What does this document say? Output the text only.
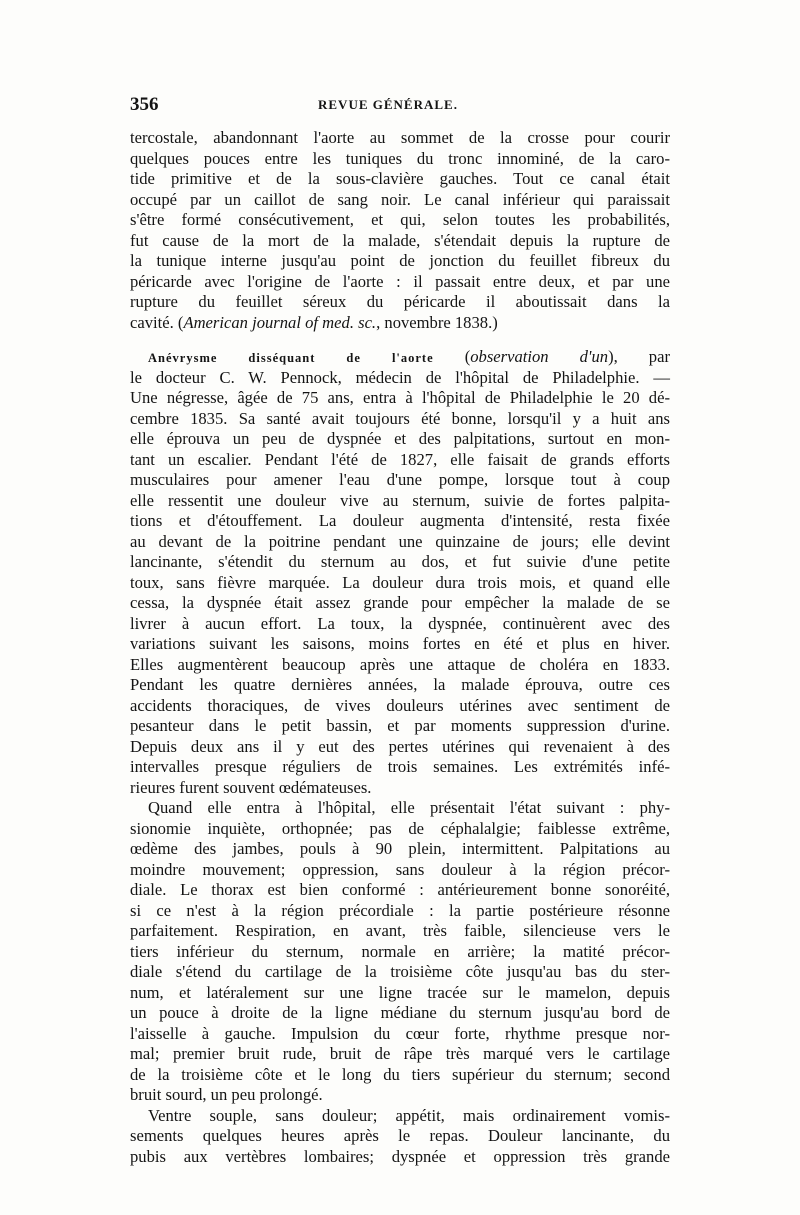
356	REVUE GÉNÉRALE.
tercostale, abandonnant l'aorte au sommet de la crosse pour courir
quelques pouces entre les tuniques du tronc innominé, de la caro-
tide primitive et de la sous-clavière gauches. Tout ce canal était
occupé par un caillot de sang noir. Le canal inférieur qui paraissait
s'être formé consécutivement, et qui, selon toutes les probabilités,
fut cause de la mort de la malade, s'étendait depuis la rupture de
la tunique interne jusqu'au point de jonction du feuillet fibreux du
péricarde avec l'origine de l'aorte : il passait entre deux, et par une
rupture du feuillet séreux du péricarde il aboutissait dans la
cavité. (American journal of med. sc., novembre 1838.)
Anévrysme disséquant de l'aorte (observation d'un), par
le docteur C. W. Pennock, médecin de l'hôpital de Philadelphie. —
Une négresse, âgée de 75 ans, entra à l'hôpital de Philadelphie le 20 dé-
cembre 1835. Sa santé avait toujours été bonne, lorsqu'il y a huit ans
elle éprouva un peu de dyspnée et des palpitations, surtout en mon-
tant un escalier. Pendant l'été de 1827, elle faisait de grands efforts
musculaires pour amener l'eau d'une pompe, lorsque tout à coup
elle ressentit une douleur vive au sternum, suivie de fortes palpita-
tions et d'étouffement. La douleur augmenta d'intensité, resta fixée
au devant de la poitrine pendant une quinzaine de jours; elle devint
lancinante, s'étendit du sternum au dos, et fut suivie d'une petite
toux, sans fièvre marquée. La douleur dura trois mois, et quand elle
cessa, la dyspnée était assez grande pour empêcher la malade de se
livrer à aucun effort. La toux, la dyspnée, continuèrent avec des
variations suivant les saisons, moins fortes en été et plus en hiver.
Elles augmentèrent beaucoup après une attaque de choléra en 1833.
Pendant les quatre dernières années, la malade éprouva, outre ces
accidents thoraciques, de vives douleurs utérines avec sentiment de
pesanteur dans le petit bassin, et par moments suppression d'urine.
Depuis deux ans il y eut des pertes utérines qui revenaient à des
intervalles presque réguliers de trois semaines. Les extrémités infé-
rieures furent souvent œdémateuses.
Quand elle entra à l'hôpital, elle présentait l'état suivant : phy-
sionomie inquiète, orthopnée; pas de céphalalgie; faiblesse extrême,
œdème des jambes, pouls à 90 plein, intermittent. Palpitations au
moindre mouvement; oppression, sans douleur à la région précor-
diale. Le thorax est bien conformé : antérieurement bonne sonoréité,
si ce n'est à la région précordiale : la partie postérieure résonne
parfaitement. Respiration, en avant, très faible, silencieuse vers le
tiers inférieur du sternum, normale en arrière; la matité précor-
diale s'étend du cartilage de la troisième côte jusqu'au bas du ster-
num, et latéralement sur une ligne tracée sur le mamelon, depuis
un pouce à droite de la ligne médiane du sternum jusqu'au bord de
l'aisselle à gauche. Impulsion du cœur forte, rhythme presque nor-
mal; premier bruit rude, bruit de râpe très marqué vers le cartilage
de la troisième côte et le long du tiers supérieur du sternum; second
bruit sourd, un peu prolongé.
Ventre souple, sans douleur; appétit, mais ordinairement vomis-
sements quelques heures après le repas. Douleur lancinante, du
pubis aux vertèbres lombaires; dyspnée et oppression très grande
